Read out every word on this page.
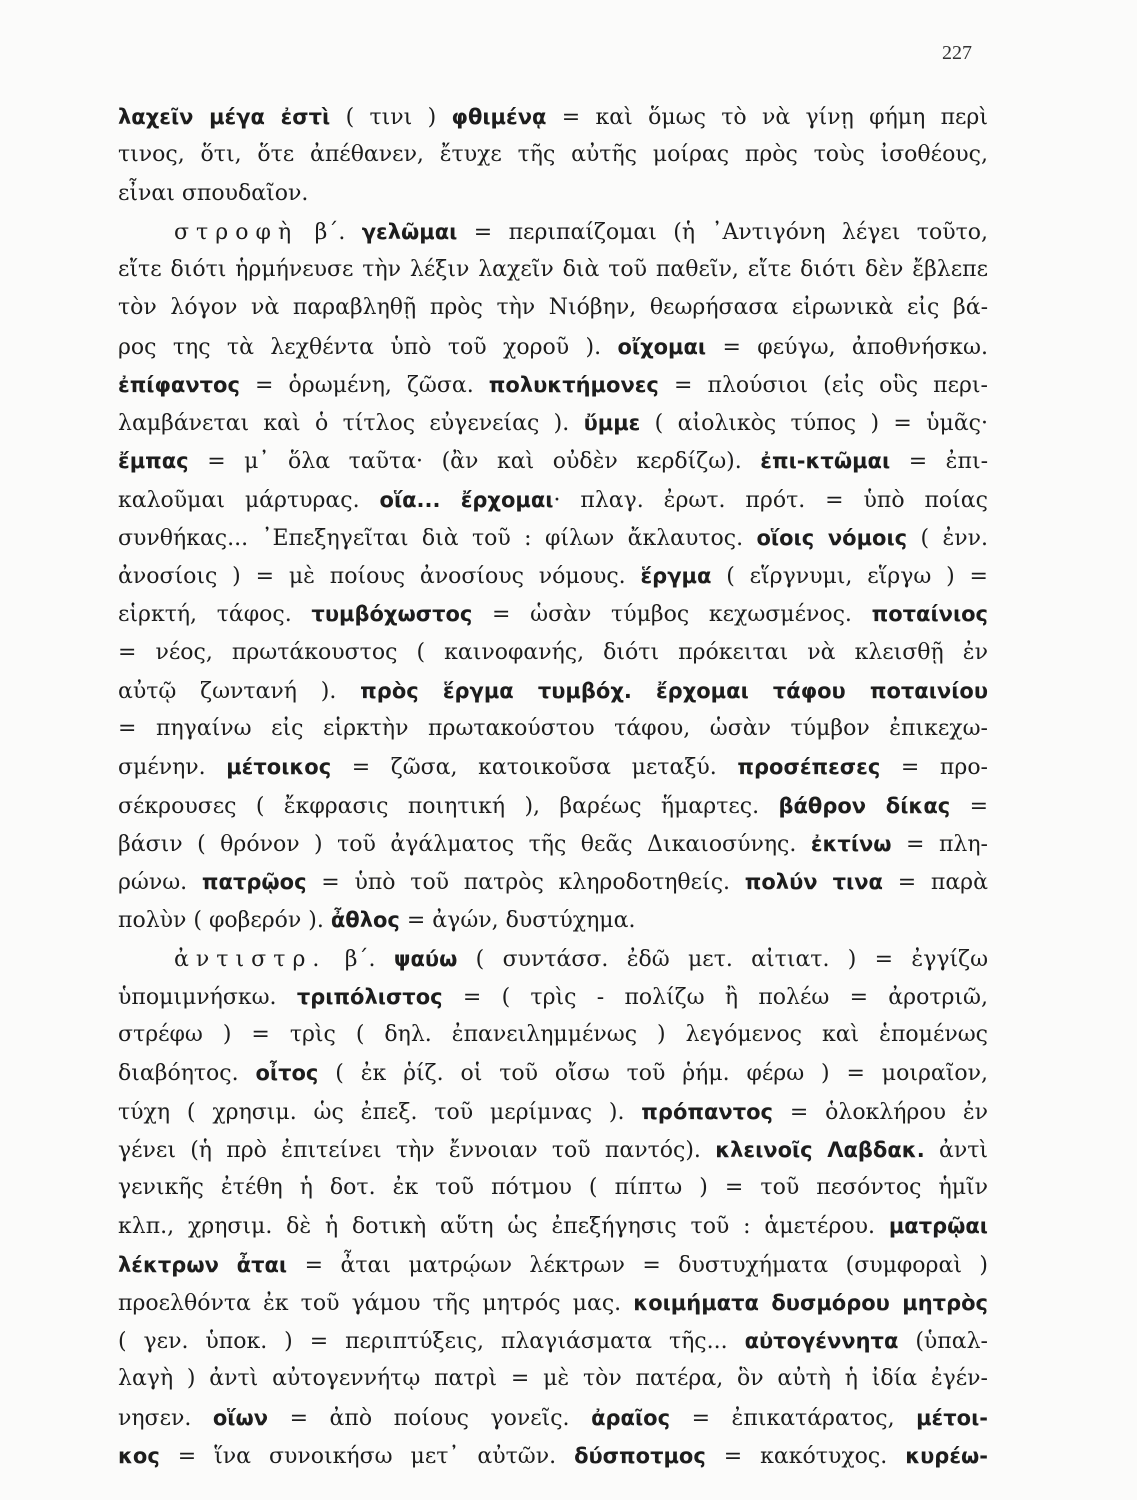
227
λαχεῖν μέγα ἐστὶ ( τινι ) φθιμένᾳ = καὶ ὅμως τὸ νὰ γίνῃ φήμη περὶ
τινος, ὅτι, ὅτε ἀπέθανεν, ἔτυχε τῆς αὐτῆς μοίρας πρὸς τοὺς ἰσοθέους,
εἶναι σπουδαῖον.
στροφὴ β΄. γελῶμαι = περιπαίζομαι (ἡ ᾿Αντιγόνη λέγει τοῦτο,
εἴτε διότι ἡρμήνευσε τὴν λέξιν λαχεῖν διὰ τοῦ παθεῖν, εἴτε διότι δὲν ἔβλεπε
τὸν λόγον νὰ παραβληθῇ πρὸς τὴν Νιόβην, θεωρήσασα εἰρωνικὰ εἰς βά-
ρος της τὰ λεχθέντα ὑπὸ τοῦ χοροῦ ). οἴχομαι = φεύγω, ἀποθνήσκω.
ἐπίφαντος = ὁρωμένη, ζῶσα. πολυκτήμονες = πλούσιοι (εἰς οὓς περι-
λαμβάνεται καὶ ὁ τίτλος εὐγενείας ). ὔμμε ( αἰολικὸς τύπος ) = ὑμᾶς·
ἔμπας = μ᾽ ὅλα ταῦτα· (ἂν καὶ οὐδὲν κερδίζω). ἐπι-κτῶμαι = ἐπι-
καλοῦμαι μάρτυρας. οἵα... ἔρχομαι· πλαγ. ἐρωτ. πρότ. = ὑπὸ ποίας
συνθήκας... ᾿Επεξηγεῖται διὰ τοῦ : φίλων ἄκλαυτος. οἵοις νόμοις ( ἐνν.
ἀνοσίοις ) = μὲ ποίους ἀνοσίους νόμους. ἕργμα ( εἵργνυμι, εἵργω ) =
εἱρκτή, τάφος. τυμβόχωστος = ὡσὰν τύμβος κεχωσμένος. ποταίνιος
= νέος, πρωτάκουστος ( καινοφανής, διότι πρόκειται νὰ κλεισθῇ ἐν
αὐτῷ ζωντανή ). πρὸς ἕργμα τυμβόχ. ἔρχομαι τάφου ποταινίου
= πηγαίνω εἰς εἱρκτὴν πρωτακούστου τάφου, ὡσὰν τύμβον ἐπικεχω-
σμένην. μέτοικος = ζῶσα, κατοικοῦσα μεταξύ. προσέπεσες = προ-
σέκρουσες ( ἔκφρασις ποιητική ), βαρέως ἥμαρτες. βάθρον δίκας =
βάσιν ( θρόνον ) τοῦ ἀγάλματος τῆς θεᾶς Δικαιοσύνης. ἐκτίνω = πλη-
ρώνω. πατρῷος = ὑπὸ τοῦ πατρὸς κληροδοτηθείς. πολύν τινα = παρὰ
πολὺν ( φοβερόν ). ἆθλος = ἀγών, δυστύχημα.
ἀντιστρ. β΄. ψαύω ( συντάσσ. ἐδῶ μετ. αἰτιατ. ) = ἐγγίζω
ὑπομιμνήσκω. τριπόλιστος = ( τρὶς - πολίζω ἢ πολέω = ἀροτριῶ,
στρέφω ) = τρὶς ( δηλ. ἐπανειλημμένως ) λεγόμενος καὶ ἑπομένως
διαβόητος. οἶτος ( ἐκ ῥίζ. οἱ τοῦ οἴσω τοῦ ῥήμ. φέρω ) = μοιραῖον,
τύχη ( χρησιμ. ὡς ἐπεξ. τοῦ μερίμνας ). πρόπαντος = ὁλοκλήρου ἐν
γένει (ἡ πρὸ ἐπιτείνει τὴν ἔννοιαν τοῦ παντός). κλεινοῖς Λαβδακ. ἀντὶ
γενικῆς ἐτέθη ἡ δοτ. ἐκ τοῦ πότμου ( πίπτω ) = τοῦ πεσόντος ἡμῖν
κλπ., χρησιμ. δὲ ἡ δοτικὴ αὕτη ὡς ἐπεξήγησις τοῦ : ἁμετέρου. ματρῷαι
λέκτρων ἆται = ἆται ματρῴων λέκτρων = δυστυχήματα (συμφοραὶ )
προελθόντα ἐκ τοῦ γάμου τῆς μητρός μας. κοιμήματα δυσμόρου μητρὸς
( γεν. ὑποκ. ) = περιπτύξεις, πλαγιάσματα τῆς... αὐτογέννητα (ὑπαλ-
λαγὴ ) ἀντὶ αὐτογεννήτῳ πατρὶ = μὲ τὸν πατέρα, ὃν αὐτὴ ἡ ἰδία ἐγέν-
νησεν. οἵων = ἀπὸ ποίους γονεῖς. ἀραῖος = ἐπικατάρατος, μέτοι-
κος = ἵνα συνοικήσω μετ᾽ αὐτῶν. δύσποτμος = κακότυχος. κυρέω-
